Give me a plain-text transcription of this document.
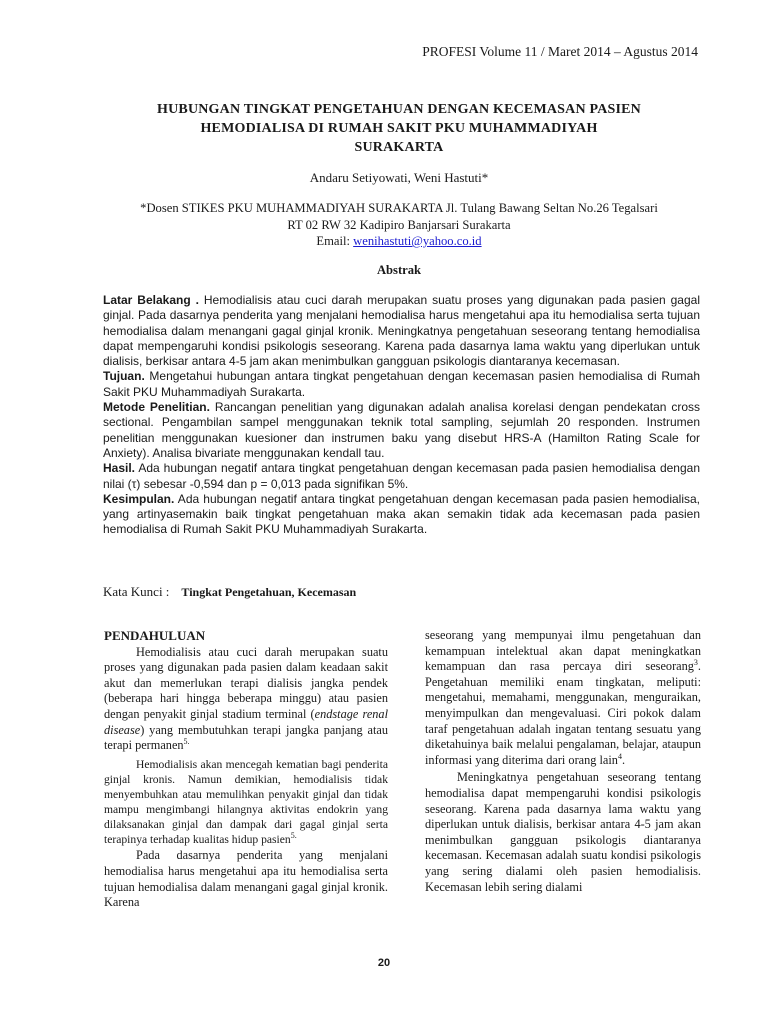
PROFESI Volume 11 / Maret 2014 – Agustus 2014
HUBUNGAN TINGKAT PENGETAHUAN DENGAN KECEMASAN PASIEN
HEMODIALISA DI RUMAH SAKIT PKU MUHAMMADIYAH
SURAKARTA
Andaru Setiyowati, Weni Hastuti*
*Dosen STIKES PKU MUHAMMADIYAH SURAKARTA Jl. Tulang Bawang Seltan No.26 Tegalsari
RT 02 RW 32 Kadipiro Banjarsari Surakarta
Email: wenihastuti@yahoo.co.id
Abstrak

Latar Belakang . Hemodialisis atau cuci darah merupakan suatu proses yang digunakan pada pasien gagal ginjal. Pada dasarnya penderita yang menjalani hemodialisa harus mengetahui apa itu hemodialisa serta tujuan hemodialisa dalam menangani gagal ginjal kronik. Meningkatnya pengetahuan seseorang tentang hemodialisa dapat mempengaruhi kondisi psikologis seseorang. Karena pada dasarnya lama waktu yang diperlukan untuk dialisis, berkisar antara 4-5 jam akan menimbulkan gangguan psikologis diantaranya kecemasan.

Tujuan. Mengetahui hubungan antara tingkat pengetahuan dengan kecemasan pasien hemodialisa di Rumah Sakit PKU Muhammadiyah Surakarta.

Metode Penelitian. Rancangan penelitian yang digunakan adalah analisa korelasi dengan pendekatan cross sectional. Pengambilan sampel menggunakan teknik total sampling, sejumlah 20 responden. Instrumen penelitian menggunakan kuesioner dan instrumen baku yang disebut HRS-A (Hamilton Rating Scale for Anxiety). Analisa bivariate menggunakan kendall tau.

Hasil. Ada hubungan negatif antara tingkat pengetahuan dengan kecemasan pada pasien hemodialisa dengan nilai (τ) sebesar -0,594 dan p = 0,013 pada signifikan 5%.

Kesimpulan. Ada hubungan negatif antara tingkat pengetahuan dengan kecemasan pada pasien hemodialisa, yang artinyasemakin baik tingkat pengetahuan maka akan semakin tidak ada kecemasan pada pasien hemodialisa di Rumah Sakit PKU Muhammadiyah Surakarta.

Kata Kunci : Tingkat Pengetahuan, Kecemasan
PENDAHULUAN

Hemodialisis atau cuci darah merupakan suatu proses yang digunakan pada pasien dalam keadaan sakit akut dan memerlukan terapi dialisis jangka pendek (beberapa hari hingga beberapa minggu) atau pasien dengan penyakit ginjal stadium terminal (endstage renal disease) yang membutuhkan terapi jangka panjang atau terapi permanen$^{5.}$

Hemodialisis akan mencegah kematian bagi penderita ginjal kronis. Namun demikian, hemodialisis tidak menyembuhkan atau memulihkan penyakit ginjal dan tidak mampu mengimbangi hilangnya aktivitas endokrin yang dilaksanakan ginjal dan dampak dari gagal ginjal serta terapinya terhadap kualitas hidup pasien$^{5.}$

Pada dasarnya penderita yang menjalani hemodialisa harus mengetahui apa itu hemodialisa serta tujuan hemodialisa dalam menangani gagal ginjal kronik. Karena

seseorang yang mempunyai ilmu pengetahuan dan kemampuan intelektual akan dapat meningkatkan kemampuan dan rasa percaya diri seseorang$^3$. Pengetahuan memiliki enam tingkatan, meliputi: mengetahui, memahami, menggunakan, menguraikan, menyimpulkan dan mengevaluasi. Ciri pokok dalam taraf pengetahuan adalah ingatan tentang sesuatu yang diketahuinya baik melalui pengalaman, belajar, ataupun informasi yang diterima dari orang lain$^4$.

Meningkatnya pengetahuan seseorang tentang hemodialisa dapat mempengaruhi kondisi psikologis seseorang. Karena pada dasarnya lama waktu yang diperlukan untuk dialisis, berkisar antara 4-5 jam akan menimbulkan gangguan psikologis diantaranya kecemasan. Kecemasan adalah suatu kondisi psikologis yang sering dialami oleh pasien hemodialisis. Kecemasan lebih sering dialami

20
